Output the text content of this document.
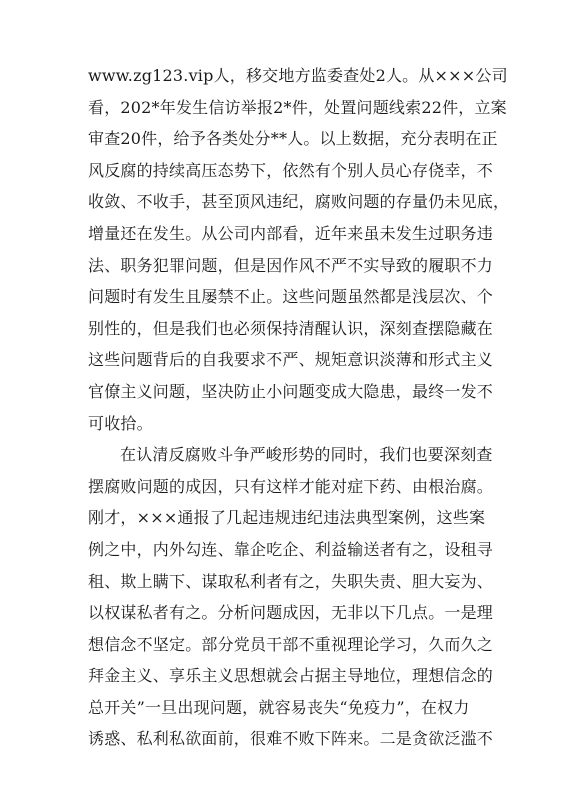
www.zg123.vip人，移交地方监委查处2人。从×××公司
看，202*年发生信访举报2*件，处置问题线索22件，立案
审查20件，给予各类处分**人。以上数据，充分表明在正
风反腐的持续高压态势下，依然有个别人员心存侥幸，不
收敛、不收手，甚至顶风违纪，腐败问题的存量仍未见底，
增量还在发生。从公司内部看，近年来虽未发生过职务违
法、职务犯罪问题，但是因作风不严不实导致的履职不力
问题时有发生且屡禁不止。这些问题虽然都是浅层次、个
别性的，但是我们也必须保持清醒认识，深刻查摆隐藏在
这些问题背后的自我要求不严、规矩意识淡薄和形式主义
官僚主义问题，坚决防止小问题变成大隐患，最终一发不
可收拾。
在认清反腐败斗争严峻形势的同时，我们也要深刻查
摆腐败问题的成因，只有这样才能对症下药、由根治腐。
刚才，×××通报了几起违规违纪违法典型案例，这些案
例之中，内外勾连、靠企吃企、利益输送者有之，设租寻
租、欺上瞒下、谋取私利者有之，失职失责、胆大妄为、
以权谋私者有之。分析问题成因，无非以下几点。一是理
想信念不坚定。部分党员干部不重视理论学习，久而久之
拜金主义、享乐主义思想就会占据主导地位，理想信念的
总开关”一旦出现问题，就容易丧失“免疫力”，在权力
诱惑、私利私欲面前，很难不败下阵来。二是贪欲泛滥不
